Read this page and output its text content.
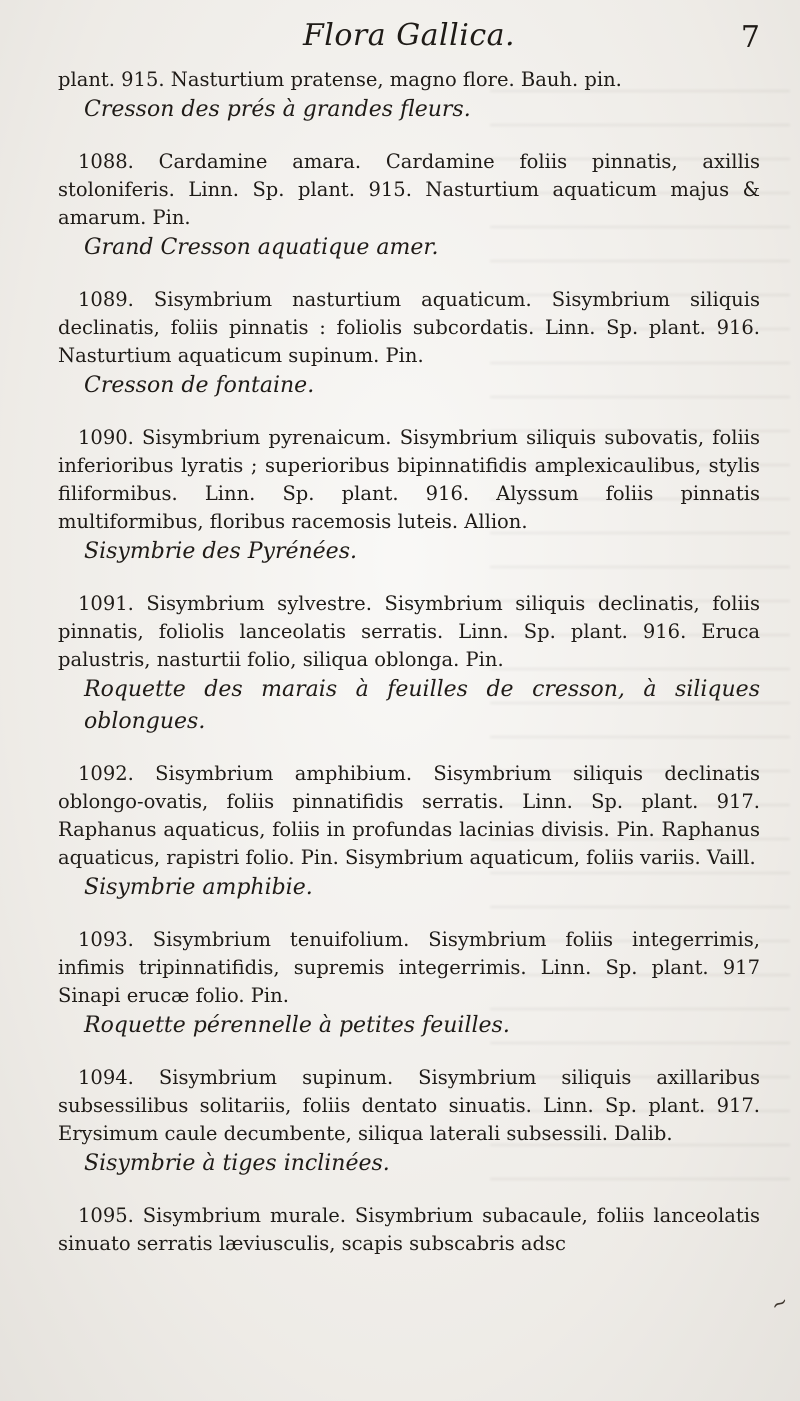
Flora Gallica.	7

plant. 915. Nasturtium pratense, magno flore. Bauh. pin.

Cresson des prés à grandes fleurs.

1088. Cardamine amara. Cardamine foliis pinnatis, axillis stoloniferis. Linn. Sp. plant. 915. Nasturtium aquaticum majus & amarum. Pin.

Grand Cresson aquatique amer.

1089. Sisymbrium nasturtium aquaticum. Sisymbrium siliquis declinatis, foliis pinnatis : foliolis subcordatis. Linn. Sp. plant. 916. Nasturtium aquaticum supinum. Pin.

Cresson de fontaine.

1090. Sisymbrium pyrenaicum. Sisymbrium siliquis subovatis, foliis inferioribus lyratis ; superioribus bipinnatifidis amplexicaulibus, stylis filiformibus. Linn. Sp. plant. 916. Alyssum foliis pinnatis multiformibus, floribus racemosis luteis. Allion.

Sisymbrie des Pyrénées.

1091. Sisymbrium sylvestre. Sisymbrium siliquis declinatis, foliis pinnatis, foliolis lanceolatis serratis. Linn. Sp. plant. 916. Eruca palustris, nasturtii folio, siliqua oblonga. Pin.

Roquette des marais à feuilles de cresson, à siliques oblongues.

1092. Sisymbrium amphibium. Sisymbrium siliquis declinatis oblongo-ovatis, foliis pinnatifidis serratis. Linn. Sp. plant. 917. Raphanus aquaticus, foliis in profundas lacinias divisis. Pin. Raphanus aquaticus, rapistri folio. Pin. Sisymbrium aquaticum, foliis variis. Vaill.

Sisymbrie amphibie.

1093. Sisymbrium tenuifolium. Sisymbrium foliis integerrimis, infimis tripinnatifidis, supremis integerrimis. Linn. Sp. plant. 917 Sinapi erucæ folio. Pin.

Roquette pérennelle à petites feuilles.

1094. Sisymbrium supinum. Sisymbrium siliquis axillaribus subsessilibus solitariis, foliis dentato sinuatis. Linn. Sp. plant. 917. Erysimum caule decumbente, siliqua laterali subsessili. Dalib.

Sisymbrie à tiges inclinées.

1095. Sisymbrium murale. Sisymbrium subacaule, foliis lanceolatis sinuato serratis læviusculis, scapis subscabris adsc

~
